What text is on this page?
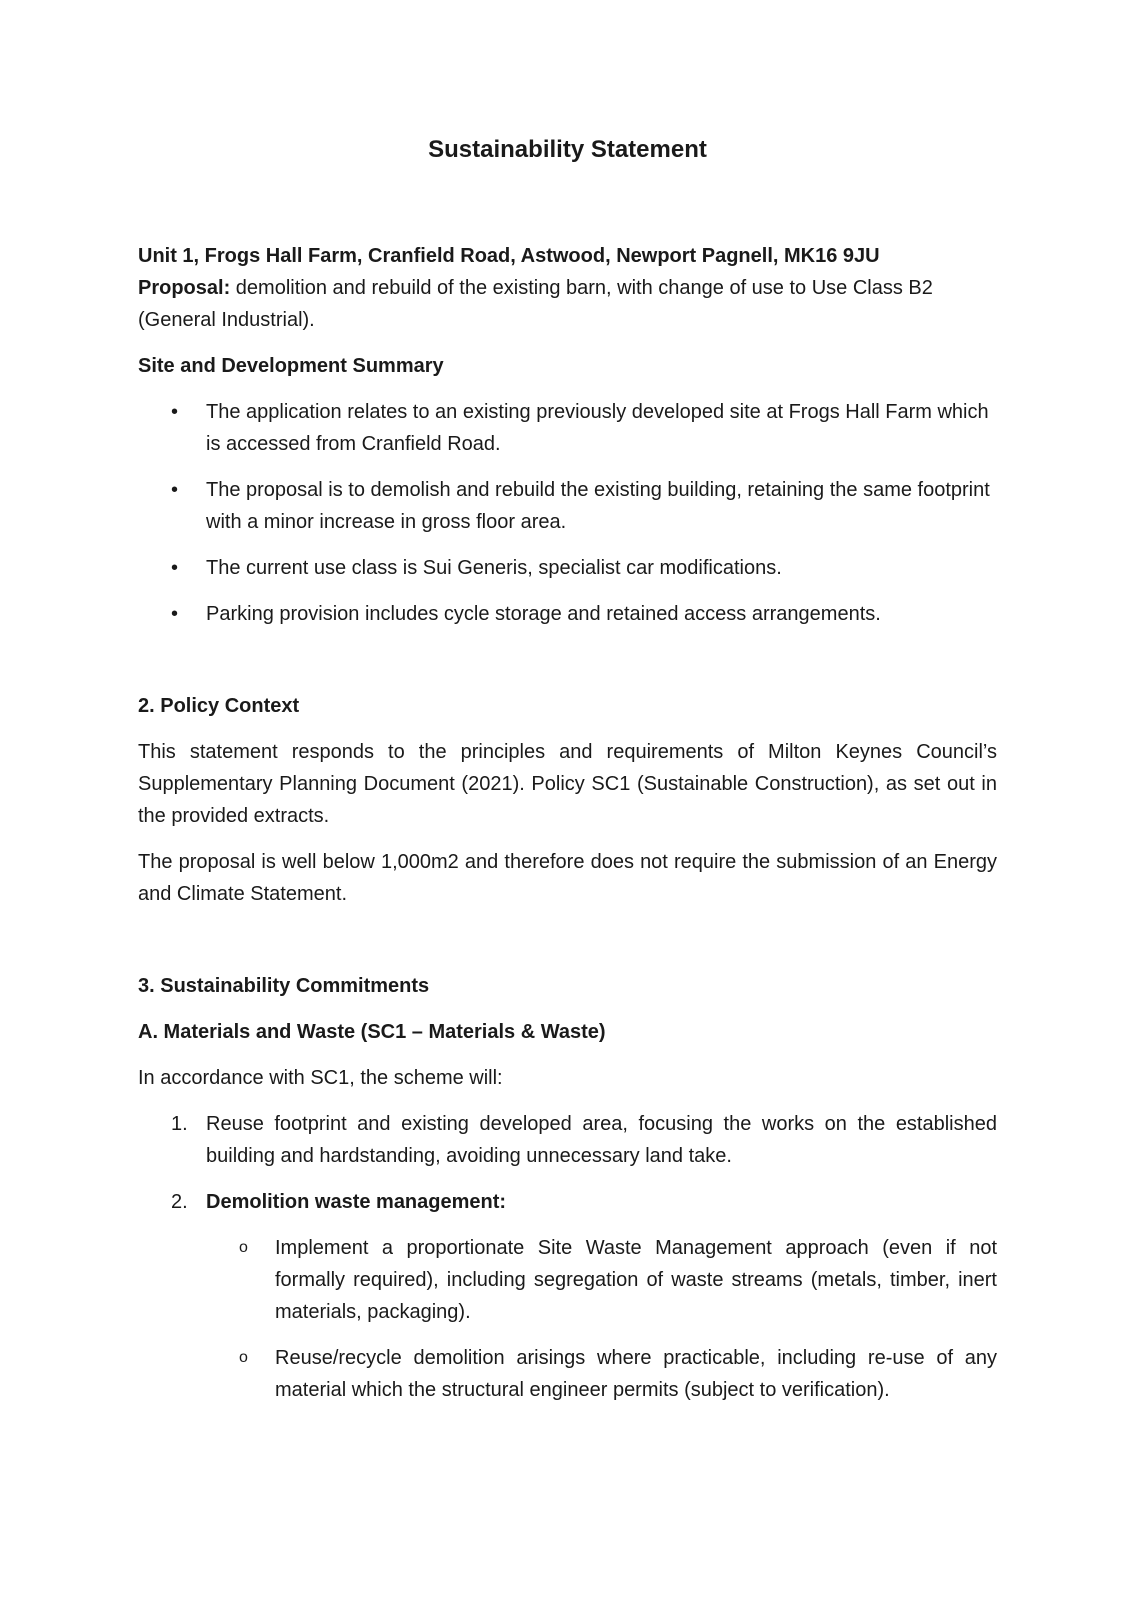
Sustainability Statement

Unit 1, Frogs Hall Farm, Cranfield Road, Astwood, Newport Pagnell, MK16 9JU

Proposal: demolition and rebuild of the existing barn, with change of use to Use Class B2 (General Industrial).

Site and Development Summary

• The application relates to an existing previously developed site at Frogs Hall Farm which is accessed from Cranfield Road.
• The proposal is to demolish and rebuild the existing building, retaining the same footprint with a minor increase in gross floor area.
• The current use class is Sui Generis, specialist car modifications.
• Parking provision includes cycle storage and retained access arrangements.

2. Policy Context

This statement responds to the principles and requirements of Milton Keynes Council’s Supplementary Planning Document (2021). Policy SC1 (Sustainable Construction), as set out in the provided extracts.

The proposal is well below 1,000m2 and therefore does not require the submission of an Energy and Climate Statement.

3. Sustainability Commitments

A. Materials and Waste (SC1 – Materials & Waste)

In accordance with SC1, the scheme will:

1. Reuse footprint and existing developed area, focusing the works on the established building and hardstanding, avoiding unnecessary land take.
2. Demolition waste management:
o Implement a proportionate Site Waste Management approach (even if not formally required), including segregation of waste streams (metals, timber, inert materials, packaging).
o Reuse/recycle demolition arisings where practicable, including re-use of any material which the structural engineer permits (subject to verification).
